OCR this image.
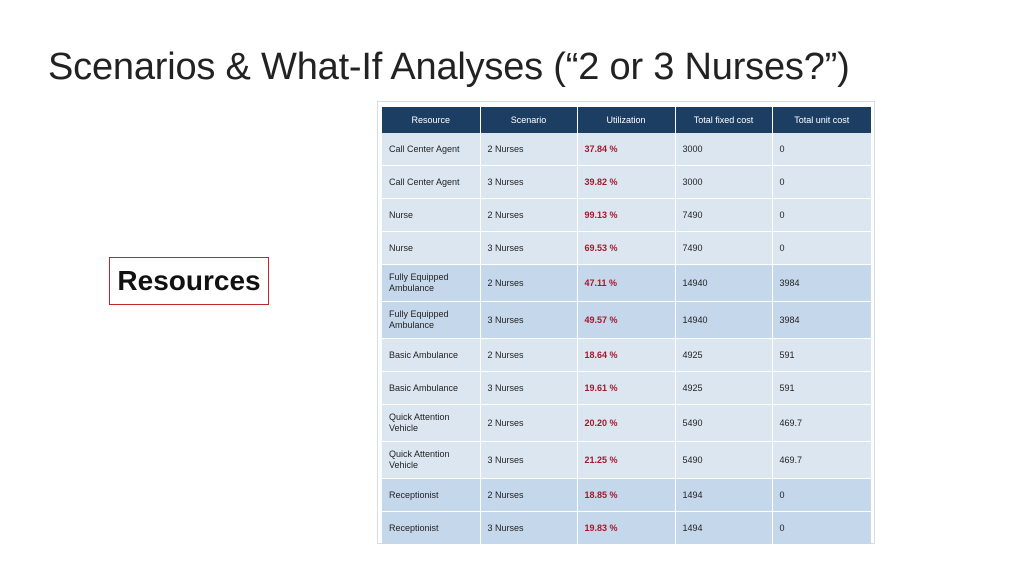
Scenarios & What-If Analyses (“2 or 3 Nurses?”)
Resources
Resource	Scenario	Utilization	Total fixed cost	Total unit cost
Call Center Agent	2 Nurses	37.84 %	3000	0
Call Center Agent	3 Nurses	39.82 %	3000	0
Nurse	2 Nurses	99.13 %	7490	0
Nurse	3 Nurses	69.53 %	7490	0
Fully Equipped Ambulance	2 Nurses	47.11 %	14940	3984
Fully Equipped Ambulance	3 Nurses	49.57 %	14940	3984
Basic Ambulance	2 Nurses	18.64 %	4925	591
Basic Ambulance	3 Nurses	19.61 %	4925	591
Quick Attention Vehicle	2 Nurses	20.20 %	5490	469.7
Quick Attention Vehicle	3 Nurses	21.25 %	5490	469.7
Receptionist	2 Nurses	18.85 %	1494	0
Receptionist	3 Nurses	19.83 %	1494	0
